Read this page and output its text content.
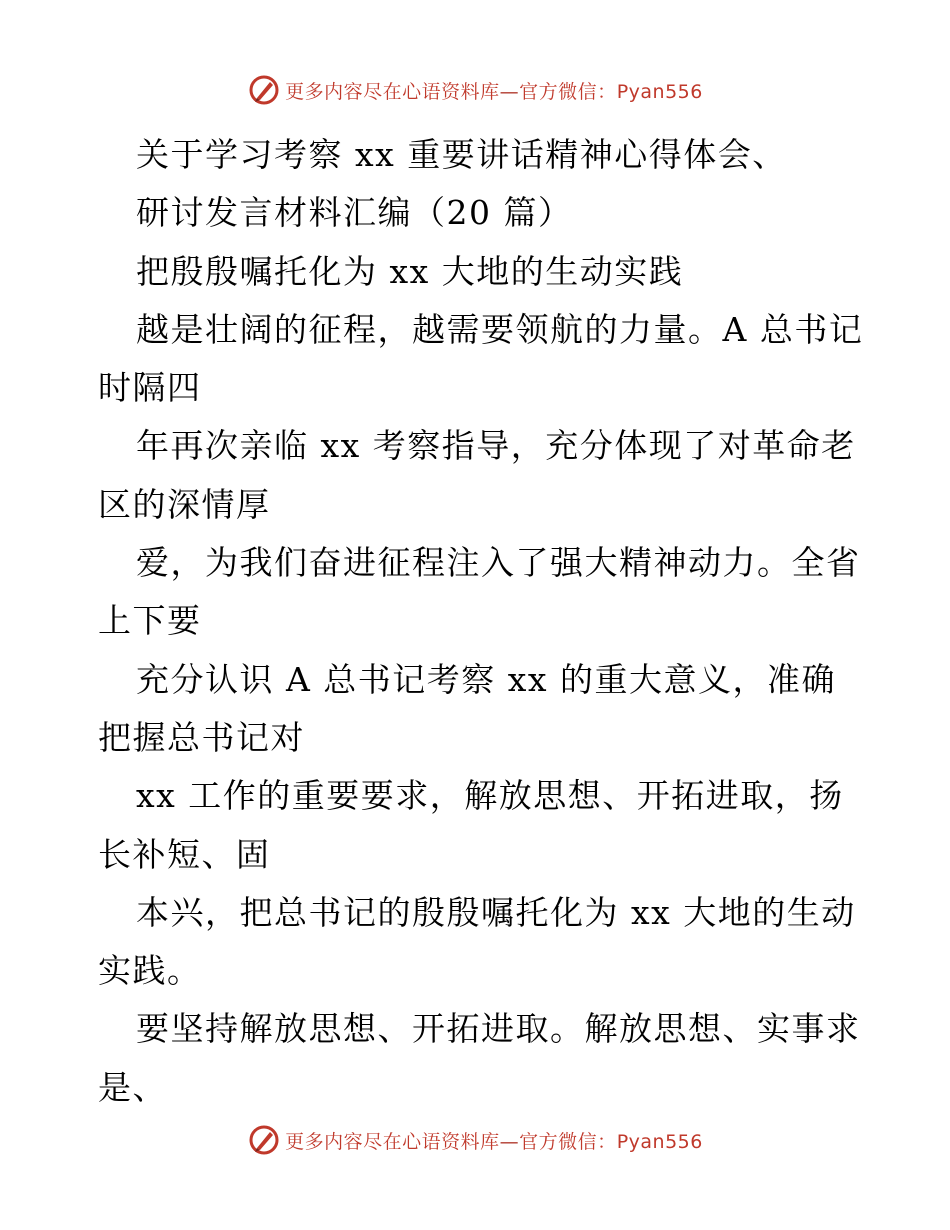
更多内容尽在心语资料库—官方微信：Pyan556
关于学习考察 xx 重要讲话精神心得体会、
研讨发言材料汇编（20 篇）
把殷殷嘱托化为 xx 大地的生动实践
越是壮阔的征程，越需要领航的力量。A 总书记
时隔四
年再次亲临 xx 考察指导，充分体现了对革命老
区的深情厚
爱，为我们奋进征程注入了强大精神动力。全省
上下要
充分认识 A 总书记考察 xx 的重大意义，准确
把握总书记对
xx 工作的重要要求，解放思想、开拓进取，扬
长补短、固
本兴，把总书记的殷殷嘱托化为 xx 大地的生动
实践。
要坚持解放思想、开拓进取。解放思想、实事求
是、
更多内容尽在心语资料库—官方微信：Pyan556
